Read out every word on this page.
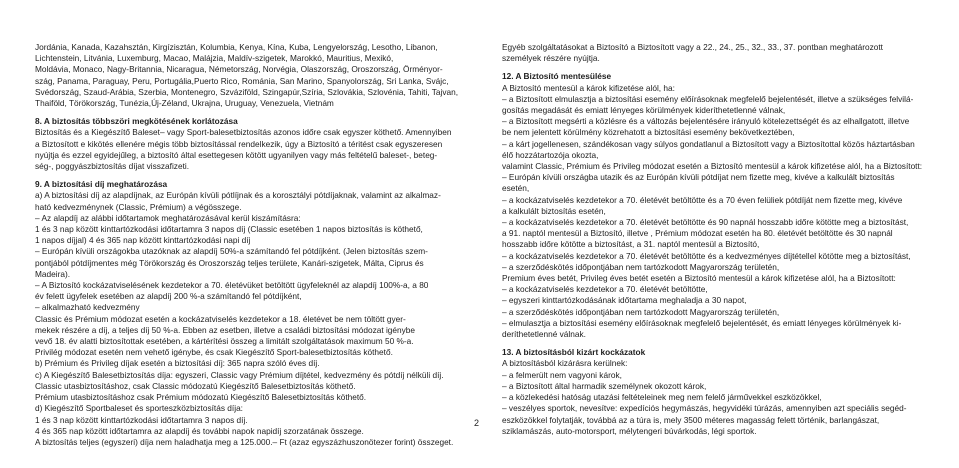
Jordánia, Kanada, Kazahsztán, Kirgízisztán, Kolumbia, Kenya, Kína, Kuba, Lengyelország, Lesotho, Libanon,
Lichtenstein, Litvánia, Luxemburg, Macao, Malájzia, Maldív-szigetek, Marokkó, Mauritius, Mexikó,
Moldávia, Monaco, Nagy-Britannia, Nicaragua, Németország, Norvégia, Olaszország, Oroszország, Örményor-
szág, Panama, Paraguay, Peru, Portugália,Puerto Rico, Románia, San Marino, Spanyolország, Sri Lanka, Svájc,
Svédország, Szaud-Arábia, Szerbia, Montenegro, Szváziföld, Szingapúr,Szíria, Szlovákia, Szlovénia, Tahiti, Tajvan,
Thaiföld, Törökország, Tunézia,Új-Zéland, Ukrajna, Uruguay, Venezuela, Vietnám
8. A biztosítás többszöri megkötésének korlátozása
Biztosítás és a Kiegészítő Baleset– vagy Sport-balesetbiztosítás azonos időre csak egyszer köthető. Amennyiben
a Biztosított e kikötés ellenére mégis több biztosítással rendelkezik, úgy a Biztosító a téritést csak egyszeresen
nyújtja és ezzel egyidejűleg, a biztosító által esettegesen kötött ugyanilyen vagy más feltételű baleset-, beteg-
ség-, poggyászbiztosítás díjat visszafizeti.
9. A biztosítási díj meghatározása
a) A biztosítási díj az alapdíjnak, az Európán kívüli pótlíjnak és a korosztályi pótdíjaknak, valamint az alkalmaz-
ható kedvezménynek (Classic, Prémium) a végösszege.
– Az alapdíj az alábbi időtartamok meghatározásával kerül kiszámításra:
1 és 3 nap között kinttartózkodási időtartamra 3 napos díj (Classic esetében 1 napos biztosítás is köthető,
1 napos díjjal) 4 és 365 nap között kinttartózkodási napi díj
– Európán kívüli országokba utazóknak az alapdíj 50%-a számítandó fel pótdíjként. (Jelen biztosítás szem-
pontjából pótdíjmentes még Törökország és Oroszország teljes területe, Kanári-szigetek, Málta, Ciprus és
Madeira).
– A Biztosító kockázatviselésének kezdetekor a 70. életévüket betöltött ügyfeleknél az alapdíj 100%-a, a 80
év felett ügyfelek esetében az alapdíj 200 %-a számítandó fel pótdíjként,
– alkalmazható kedvezmény
Classic és Prémium módozat esetén a kockázatviselés kezdetekor a 18. életévet be nem töltött gyer-
mekek részére a díj, a teljes díj 50 %-a. Ebben az esetben, illetve a családi biztosítási módozat igénybe
vevő 18. év alatti biztosítottak esetében, a kártérítési összeg a limitált szolgáltatások maximum 50 %-a.
Privilég módozat esetén nem vehető igénybe, és csak Kiegészítő Sport-balesetbiztosítás köthető.
b) Prémium és Privileg díjak esetén a biztosítási díj: 365 napra szóló éves díj.
c) A Kiegészítő Balesetbiztosítás díja: egyszeri, Classic vagy Prémium díjtétel, kedvezmény és pótdíj nélküli díj.
Classic utasbiztosításhoz, csak Classic módozatú Kiegészítő Balesetbiztosítás köthető.
Prémium utasbiztosításhoz csak Prémium módozatú Kiegészítő Balesetbiztosítás köthető.
d) Kiegészítő Sportbaleset és sporteszközbiztosítás díja:
1 és 3 nap között kinttartózkodási időtartamra 3 napos díj.
4 és 365 nap között időtartamra az alapdíj és további napok napidíj szorzatának összege.
A biztosítás teljes (egyszeri) díja nem haladhatja meg a 125.000.– Ft (azaz egyszázhuszonötezer forint) összeget.
Egyéb szolgáltatásokat a Biztosító a Biztosított vagy a 22., 24., 25., 32., 33., 37. pontban meghatározott
személyek részére nyújtja.
12. A Biztosító mentesülése
A Biztosító mentesül a károk kifizetése alól, ha:
– a Biztosított elmulasztja a biztosítási esemény előírásoknak megfelelő bejelentését, illetve a szükséges felvilá-
gosítás megadását és emiatt lényeges körülmények kideríthetetlenné válnak,
– a Biztosított megsérti a közlésre és a változás bejelentésére irányuló kötelezettségét és az elhallgatott, illetve
be nem jelentett körülmény közrehatott a biztosítási esemény bekövetkeztében,
– a kárt jogellenesen, szándékosan vagy súlyos gondatlanul a Biztosított vagy a Biztosítottal közös háztartásban
élő hozzátartozója okozta,
valamint Classic, Prémium és Privileg módozat esetén a Biztosító mentesül a károk kifizetése alól, ha a Biztosított:
– Európán kívüli országba utazik és az Európán kívüli pótdíjat nem fizette meg, kivéve a kalkulált biztosítás
esetén,
– a kockázatviselés kezdetekor a 70. életévét betöltötte és a 70 éven felüliek pótdíját nem fizette meg, kivéve
a kalkulált biztosítás esetén,
– a kockázatviselés kezdetekor a 70. életévét betöltötte és 90 napnál hosszabb időre kötötte meg a biztosítást,
a 91. naptól mentesül a Biztosító, illetve , Prémium módozat esetén ha 80. életévét betöltötte és 30 napnál
hosszabb időre kötötte a biztosítást, a 31. naptól mentesül a Biztosító,
– a kockázatviselés kezdetekor a 70. életévét betöltötte és a kedvezményes díjtétellel kötötte meg a biztosítást,
– a szerződéskötés időpontjában nem tartózkodott Magyarország területén,
Premium éves betét, Privileg éves betét esetén a Biztosító mentesül a károk kifizetése alól, ha a Biztosított:
– a kockázatviselés kezdetekor a 70. életévét betöltötte,
– egyszeri kinttartózkodásának időtartama meghaladja a 30 napot,
– a szerződéskötés időpontjában nem tartózkodott Magyarország területén,
– elmulasztja a biztosítási esemény előírásoknak megfelelő bejelentését, és emiatt lényeges körülmények ki-
deríthetetlenné válnak.
13. A biztosításból kizárt kockázatok
A biztosításból kizárásra kerülnek:
– a felmerült nem vagyoni károk,
– a Biztosított által harmadik személynek okozott károk,
– a közlekedési hatóság utazási feltételeinek meg nem felelő járművekkel eszközökkel,
– veszélyes sportok, nevesítve: expedíciós hegymászás, hegyvidéki túrázás, amennyiben azt speciális segéd-
eszközökkel folytatják, továbbá az a túra is, mely 3500 méteres magasság felett történik, barlangászat,
sziklamászás, auto-motorsport, mélytengeri búvárkodás, légi sportok.
2
